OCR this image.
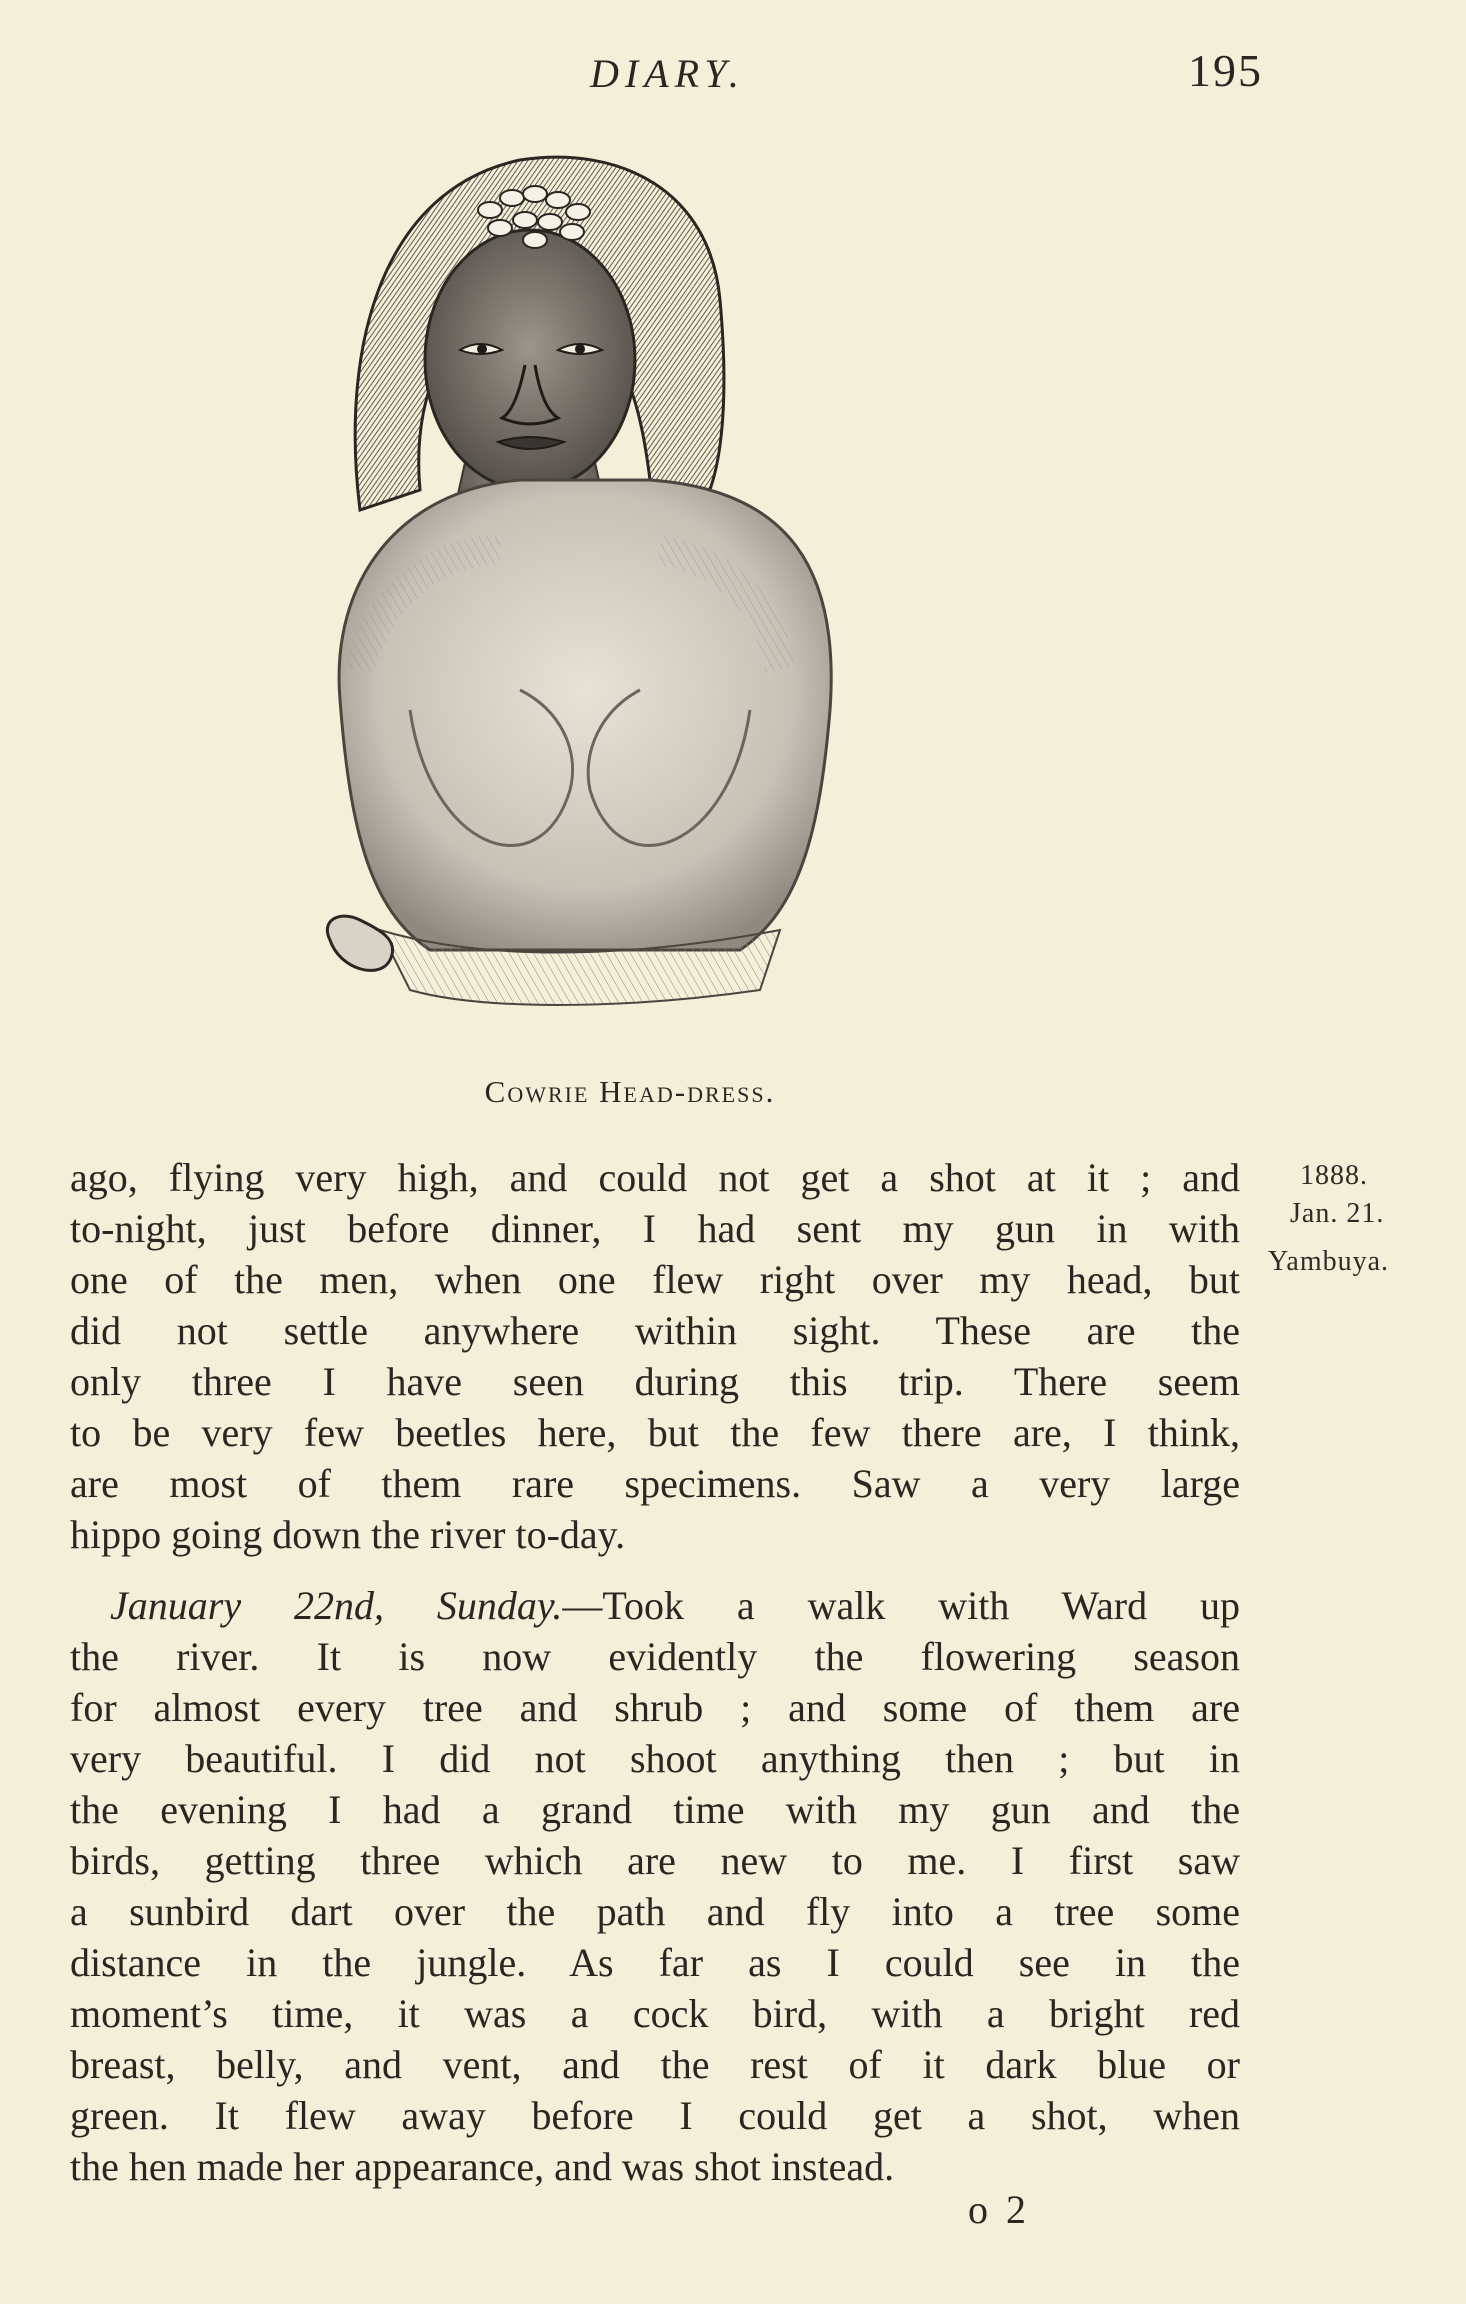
DIARY.	195
Cowrie Head-dress.
1888.
Jan. 21.
Yambuya.
ago, flying very high, and could not get a shot at it ; and
to-night, just before dinner, I had sent my gun in with
one of the men, when one flew right over my head, but
did not settle anywhere within sight. These are the
only three I have seen during this trip. There seem
to be very few beetles here, but the few there are, I think,
are most of them rare specimens. Saw a very large
hippo going down the river to-day.
 January 22nd, Sunday.—Took a walk with Ward up
the river. It is now evidently the flowering season
for almost every tree and shrub ; and some of them are
very beautiful. I did not shoot anything then ; but in
the evening I had a grand time with my gun and the
birds, getting three which are new to me. I first saw
a sunbird dart over the path and fly into a tree some
distance in the jungle. As far as I could see in the
moment’s time, it was a cock bird, with a bright red
breast, belly, and vent, and the rest of it dark blue or
green. It flew away before I could get a shot, when
the hen made her appearance, and was shot instead.
o 2
